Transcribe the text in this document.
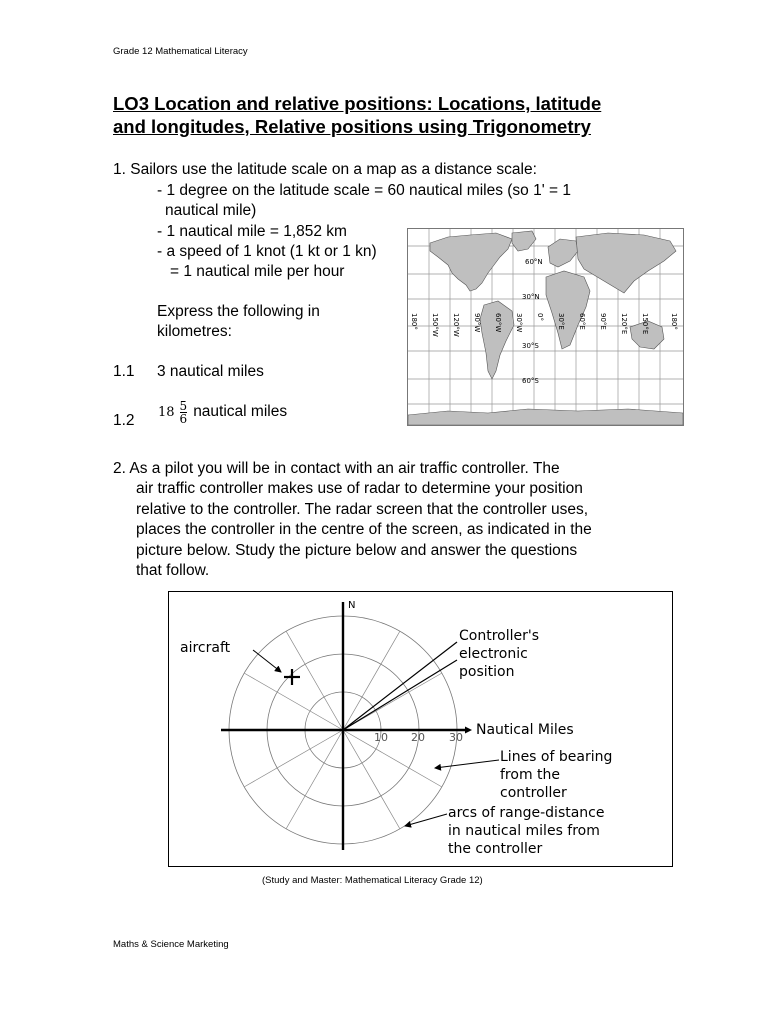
Grade 12 Mathematical Literacy
LO3 Location and relative positions: Locations, latitude
and longitudes, Relative positions using Trigonometry
1. Sailors use the latitude scale on a map as a distance scale:
- 1 degree on the latitude scale = 60 nautical miles (so 1' = 1
nautical mile)
- 1 nautical mile = 1,852 km
- a speed of 1 knot (1 kt or 1 kn)
= 1 nautical mile per hour
Express the following in
kilometres:
1.1 3 nautical miles
1.2 $18 \frac{5}{6}$ nautical miles
60°N
30°N
30°S
60°S
180° 150°W 120°W 90°W 60°W 30°W 0° 30°E 60°E 90°E 120°E 150°E	180°
2. As a pilot you will be in contact with an air traffic controller. The
air traffic controller makes use of radar to determine your position
relative to the controller. The radar screen that the controller uses,
places the controller in the centre of the screen, as indicated in the
picture below. Study the picture below and answer the questions
that follow.
N
aircraft
Controller's
electronic
position
Nautical Miles
10 20 30
Lines of bearing
from the
controller
arcs of range-distance
in nautical miles from
the controller
(Study and Master: Mathematical Literacy Grade 12)
Maths & Science Marketing
